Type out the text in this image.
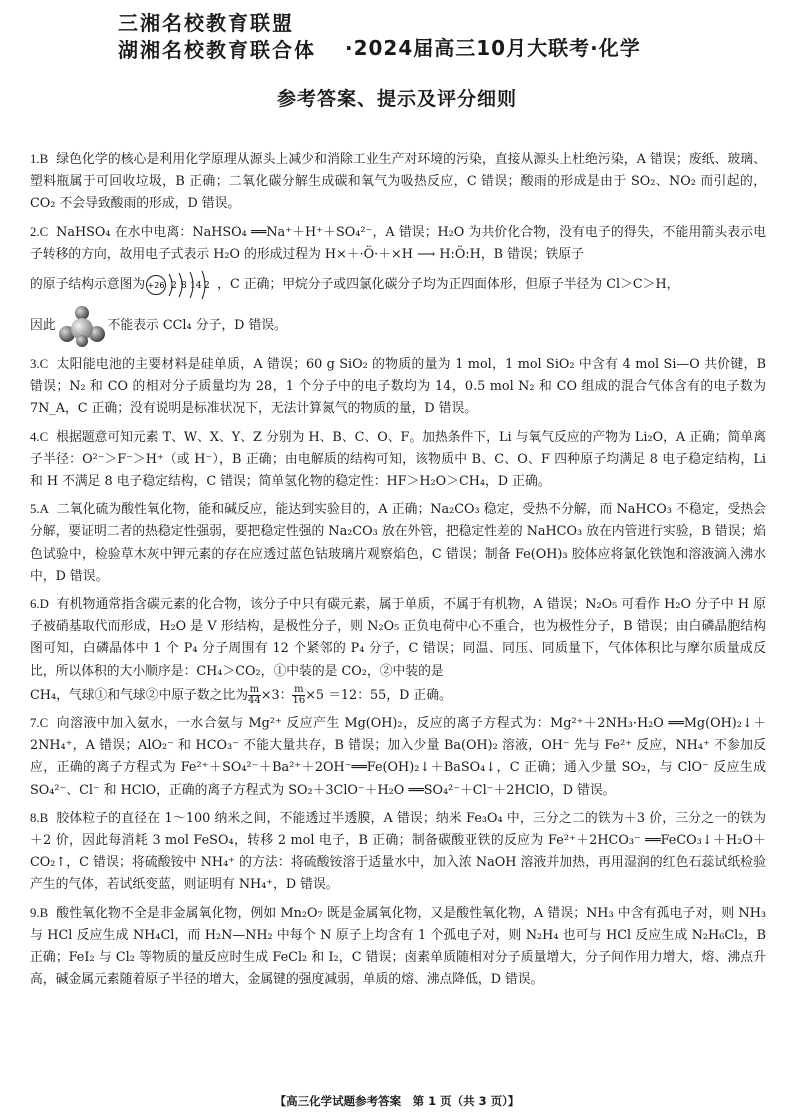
三湘名校教育联盟
湖湘名校教育联合体 ·2024届高三10月大联考·化学
参考答案、提示及评分细则

1.B 绿色化学的核心是利用化学原理从源头上减少和消除工业生产对环境的污染，直接从源头上杜绝污染，A 错误；废纸、玻璃、塑料瓶属于可回收垃圾，B 正确；二氧化碳分解生成碳和氧气为吸热反应，C 错误；酸雨的形成是由于 SO₂、NO₂ 而引起的，CO₂ 不会导致酸雨的形成，D 错误。

2.C NaHSO₄ 在水中电离：NaHSO₄ ══Na⁺＋H⁺＋SO₄²⁻，A 错误；H₂O 为共价化合物，没有电子的得失，不能用箭头表示电子转移的方向，故用电子式表示 H₂O 的形成过程为 H×＋·Ö·＋×H ⟶ H:Ö:H，B 错误；铁原子
的原子结构示意图为 +26 2 8 14 2 ，C 正确；甲烷分子或四氯化碳分子均为正四面体形，但原子半径为 Cl＞C＞H，
因此	不能表示 CCl₄ 分子，D 错误。

3.C 太阳能电池的主要材料是硅单质，A 错误；60 g SiO₂ 的物质的量为 1 mol，1 mol SiO₂ 中含有 4 mol Si—O 共价键，B 错误；N₂ 和 CO 的相对分子质量均为 28，1 个分子中的电子数均为 14，0.5 mol N₂ 和 CO 组成的混合气体含有的电子数为 7N_A，C 正确；没有说明是标准状况下，无法计算氮气的物质的量，D 错误。

4.C 根据题意可知元素 T、W、X、Y、Z 分别为 H、B、C、O、F。加热条件下，Li 与氧气反应的产物为 Li₂O，A 正确；简单离子半径：O²⁻＞F⁻＞H⁺（或 H⁻），B 正确；由电解质的结构可知，该物质中 B、C、O、F 四种原子均满足 8 电子稳定结构，Li 和 H 不满足 8 电子稳定结构，C 错误；简单氢化物的稳定性：HF＞H₂O＞CH₄，D 正确。

5.A 二氧化硫为酸性氧化物，能和碱反应，能达到实验目的，A 正确；Na₂CO₃ 稳定，受热不分解，而 NaHCO₃ 不稳定，受热会分解，要证明二者的热稳定性强弱，要把稳定性强的 Na₂CO₃ 放在外管，把稳定性差的 NaHCO₃ 放在内管进行实验，B 错误；焰色试验中，检验草木灰中钾元素的存在应透过蓝色钴玻璃片观察焰色，C 错误；制备 Fe(OH)₃ 胶体应将氯化铁饱和溶液滴入沸水中，D 错误。

6.D 有机物通常指含碳元素的化合物，该分子中只有碳元素，属于单质，不属于有机物，A 错误；N₂O₅ 可看作 H₂O 分子中 H 原子被硝基取代而形成，H₂O 是 V 形结构，是极性分子，则 N₂O₅ 正负电荷中心不重合，也为极性分子，B 错误；由白磷晶胞结构图可知，白磷晶体中 1 个 P₄ 分子周围有 12 个紧邻的 P₄ 分子，C 错误；同温、同压、同质量下，气体体积比与摩尔质量成反比，所以体积的大小顺序是：CH₄＞CO₂，①中装的是 CO₂，②中装的是
CH₄，气球①和气球②中原子数之比为 $\frac{m}{44} \times 3$： $\frac{m}{16} \times 5 =12$：55，D 正确。

7.C 向溶液中加入氨水，一水合氨与 Mg²⁺ 反应产生 Mg(OH)₂，反应的离子方程式为：Mg²⁺＋2NH₃·H₂O ══Mg(OH)₂↓＋2NH₄⁺，A 错误；AlO₂⁻ 和 HCO₃⁻ 不能大量共存，B 错误；加入少量 Ba(OH)₂ 溶液，OH⁻ 先与 Fe²⁺ 反应，NH₄⁺ 不参加反应，正确的离子方程式为 Fe²⁺＋SO₄²⁻＋Ba²⁺＋2OH⁻══Fe(OH)₂↓＋BaSO₄↓，C 正确；通入少量 SO₂，与 ClO⁻ 反应生成 SO₄²⁻、Cl⁻ 和 HClO，正确的离子方程式为 SO₂＋3ClO⁻＋H₂O ══SO₄²⁻＋Cl⁻＋2HClO，D 错误。

8.B 胶体粒子的直径在 1～100 纳米之间，不能透过半透膜，A 错误；纳米 Fe₃O₄ 中，三分之二的铁为＋3 价，三分之一的铁为＋2 价，因此每消耗 3 mol FeSO₄，转移 2 mol 电子，B 正确；制备碳酸亚铁的反应为 Fe²⁺＋2HCO₃⁻ ══FeCO₃↓＋H₂O＋CO₂↑，C 错误；将硫酸铵中 NH₄⁺ 的方法：将硫酸铵溶于适量水中，加入浓 NaOH 溶液并加热，再用湿润的红色石蕊试纸检验产生的气体，若试纸变蓝，则证明有 NH₄⁺，D 错误。

9.B 酸性氧化物不全是非金属氧化物，例如 Mn₂O₇ 既是金属氧化物，又是酸性氧化物，A 错误；NH₃ 中含有孤电子对，则 NH₃ 与 HCl 反应生成 NH₄Cl，而 H₂N—NH₂ 中每个 N 原子上均含有 1 个孤电子对，则 N₂H₄ 也可与 HCl 反应生成 N₂H₆Cl₂，B 正确；FeI₂ 与 Cl₂ 等物质的量反应时生成 FeCl₂ 和 I₂，C 错误；卤素单质随相对分子质量增大，分子间作用力增大，熔、沸点升高，碱金属元素随着原子半径的增大，金属键的强度减弱，单质的熔、沸点降低，D 错误。

【高三化学试题参考答案　第 1 页（共 3 页）】
